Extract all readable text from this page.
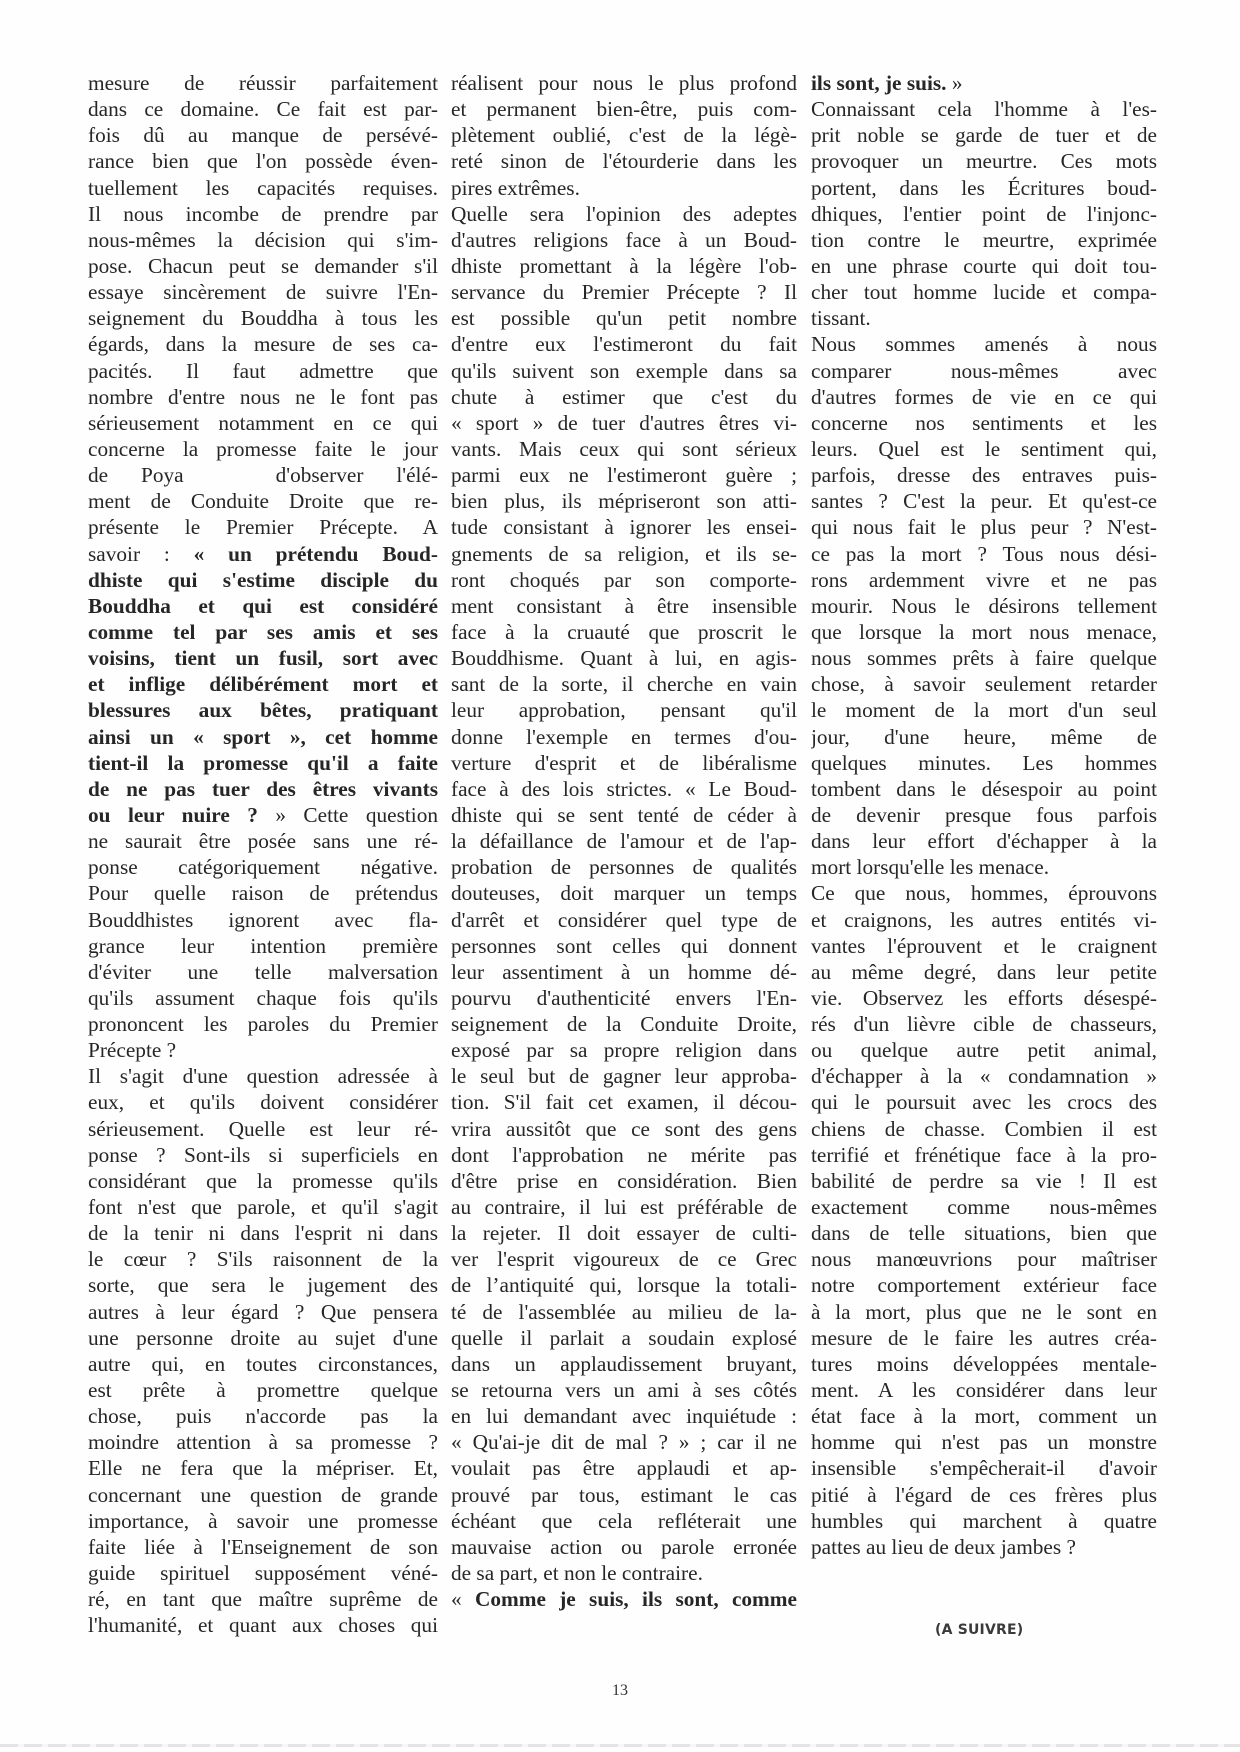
mesure de réussir parfaitement
dans ce domaine. Ce fait est par-
fois dû au manque de persévé-
rance bien que l'on possède éven-
tuellement les capacités requises.
Il nous incombe de prendre par
nous-mêmes la décision qui s'im-
pose. Chacun peut se demander s'il
essaye sincèrement de suivre l'En-
seignement du Bouddha à tous les
égards, dans la mesure de ses ca-
pacités. Il faut admettre que
nombre d'entre nous ne le font pas
sérieusement notamment en ce qui
concerne la promesse faite le jour
de Poya	d'observer l'élé-
ment de Conduite Droite que re-
présente le Premier Précepte. A
savoir : « un prétendu Boud-
dhiste qui s'estime disciple du
Bouddha et qui est considéré
comme tel par ses amis et ses
voisins, tient un fusil, sort avec
et inflige délibérément mort et
blessures aux bêtes, pratiquant
ainsi un « sport », cet homme
tient-il la promesse qu'il a faite
de ne pas tuer des êtres vivants
ou leur nuire ? » Cette question
ne saurait être posée sans une ré-
ponse catégoriquement négative.
Pour quelle raison de prétendus
Bouddhistes ignorent avec fla-
grance leur intention première
d'éviter une telle malversation
qu'ils assument chaque fois qu'ils
prononcent les paroles du Premier
Précepte ?
Il s'agit d'une question adressée à
eux, et qu'ils doivent considérer
sérieusement. Quelle est leur ré-
ponse ? Sont-ils si superficiels en
considérant que la promesse qu'ils
font n'est que parole, et qu'il s'agit
de la tenir ni dans l'esprit ni dans
le cœur ? S'ils raisonnent de la
sorte, que sera le jugement des
autres à leur égard ? Que pensera
une personne droite au sujet d'une
autre qui, en toutes circonstances,
est prête à promettre quelque
chose, puis n'accorde pas la
moindre attention à sa promesse ?
Elle ne fera que la mépriser. Et,
concernant une question de grande
importance, à savoir une promesse
faite liée à l'Enseignement de son
guide spirituel supposément véné-
ré, en tant que maître suprême de
l'humanité, et quant aux choses qui
réalisent pour nous le plus profond
et permanent bien-être, puis com-
plètement oublié, c'est de la légè-
reté sinon de l'étourderie dans les
pires extrêmes.
Quelle sera l'opinion des adeptes
d'autres religions face à un Boud-
dhiste promettant à la légère l'ob-
servance du Premier Précepte ? Il
est possible qu'un petit nombre
d'entre eux l'estimeront du fait
qu'ils suivent son exemple dans sa
chute à estimer que c'est du
« sport » de tuer d'autres êtres vi-
vants. Mais ceux qui sont sérieux
parmi eux ne l'estimeront guère ;
bien plus, ils mépriseront son atti-
tude consistant à ignorer les ensei-
gnements de sa religion, et ils se-
ront choqués par son comporte-
ment consistant à être insensible
face à la cruauté que proscrit le
Bouddhisme. Quant à lui, en agis-
sant de la sorte, il cherche en vain
leur approbation, pensant qu'il
donne l'exemple en termes d'ou-
verture d'esprit et de libéralisme
face à des lois strictes. « Le Boud-
dhiste qui se sent tenté de céder à
la défaillance de l'amour et de l'ap-
probation de personnes de qualités
douteuses, doit marquer un temps
d'arrêt et considérer quel type de
personnes sont celles qui donnent
leur assentiment à un homme dé-
pourvu d'authenticité envers l'En-
seignement de la Conduite Droite,
exposé par sa propre religion dans
le seul but de gagner leur approba-
tion. S'il fait cet examen, il décou-
vrira aussitôt que ce sont des gens
dont l'approbation ne mérite pas
d'être prise en considération. Bien
au contraire, il lui est préférable de
la rejeter. Il doit essayer de culti-
ver l'esprit vigoureux de ce Grec
de l’antiquité qui, lorsque la totali-
té de l'assemblée au milieu de la-
quelle il parlait a soudain explosé
dans un applaudissement bruyant,
se retourna vers un ami à ses côtés
en lui demandant avec inquiétude :
« Qu'ai-je dit de mal ? » ; car il ne
voulait pas être applaudi et ap-
prouvé par tous, estimant le cas
échéant que cela refléterait une
mauvaise action ou parole erronée
de sa part, et non le contraire.
« Comme je suis, ils sont, comme
ils sont, je suis. »
Connaissant cela l'homme à l'es-
prit noble se garde de tuer et de
provoquer un meurtre. Ces mots
portent, dans les Écritures boud-
dhiques, l'entier point de l'injonc-
tion contre le meurtre, exprimée
en une phrase courte qui doit tou-
cher tout homme lucide et compa-
tissant.
Nous sommes amenés à nous
comparer nous-mêmes avec
d'autres formes de vie en ce qui
concerne nos sentiments et les
leurs. Quel est le sentiment qui,
parfois, dresse des entraves puis-
santes ? C'est la peur. Et qu'est-ce
qui nous fait le plus peur ? N'est-
ce pas la mort ? Tous nous dési-
rons ardemment vivre et ne pas
mourir. Nous le désirons tellement
que lorsque la mort nous menace,
nous sommes prêts à faire quelque
chose, à savoir seulement retarder
le moment de la mort d'un seul
jour, d'une heure, même de
quelques minutes. Les hommes
tombent dans le désespoir au point
de devenir presque fous parfois
dans leur effort d'échapper à la
mort lorsqu'elle les menace.
Ce que nous, hommes, éprouvons
et craignons, les autres entités vi-
vantes l'éprouvent et le craignent
au même degré, dans leur petite
vie. Observez les efforts désespé-
rés d'un lièvre cible de chasseurs,
ou quelque autre petit animal,
d'échapper à la « condamnation »
qui le poursuit avec les crocs des
chiens de chasse. Combien il est
terrifié et frénétique face à la pro-
babilité de perdre sa vie ! Il est
exactement comme nous-mêmes
dans de telle situations, bien que
nous manœuvrions pour maîtriser
notre comportement extérieur face
à la mort, plus que ne le sont en
mesure de le faire les autres créa-
tures moins développées mentale-
ment. A les considérer dans leur
état face à la mort, comment un
homme qui n'est pas un monstre
insensible s'empêcherait-il d'avoir
pitié à l'égard de ces frères plus
humbles qui marchent à quatre
pattes au lieu de deux jambes ?
(A SUIVRE)
13
